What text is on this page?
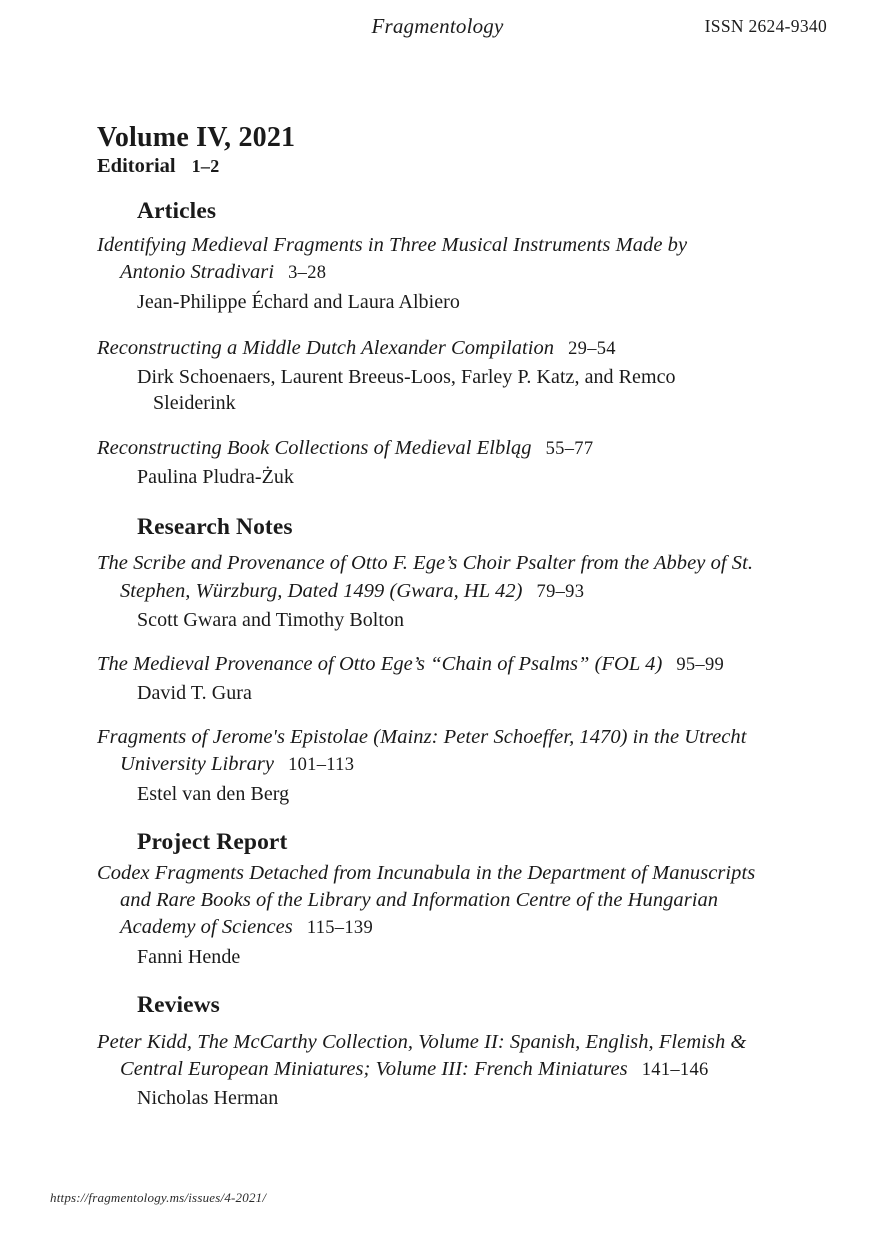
Fragmentology	ISSN 2624-9340
Volume IV, 2021

Editorial 1–2

Articles

Identifying Medieval Fragments in Three Musical Instruments Made by Antonio Stradivari 3–28

Jean-Philippe Échard and Laura Albiero

Reconstructing a Middle Dutch Alexander Compilation 29–54

Dirk Schoenaers, Laurent Breeus-Loos, Farley P. Katz, and Remco Sleiderink

Reconstructing Book Collections of Medieval Elbląg 55–77

Paulina Pludra-Żuk

Research Notes

The Scribe and Provenance of Otto F. Ege’s Choir Psalter from the Abbey of St. Stephen, Würzburg, Dated 1499 (Gwara, HL 42) 79–93

Scott Gwara and Timothy Bolton

The Medieval Provenance of Otto Ege’s “Chain of Psalms” (FOL 4) 95–99

David T. Gura

Fragments of Jerome's Epistolae (Mainz: Peter Schoeffer, 1470) in the Utrecht University Library 101–113

Estel van den Berg

Project Report

Codex Fragments Detached from Incunabula in the Department of Manuscripts and Rare Books of the Library and Information Centre of the Hungarian Academy of Sciences 115–139

Fanni Hende

Reviews

Peter Kidd, The McCarthy Collection, Volume II: Spanish, English, Flemish & Central European Miniatures; Volume III: French Miniatures 141–146

Nicholas Herman

https://fragmentology.ms/issues/4-2021/
